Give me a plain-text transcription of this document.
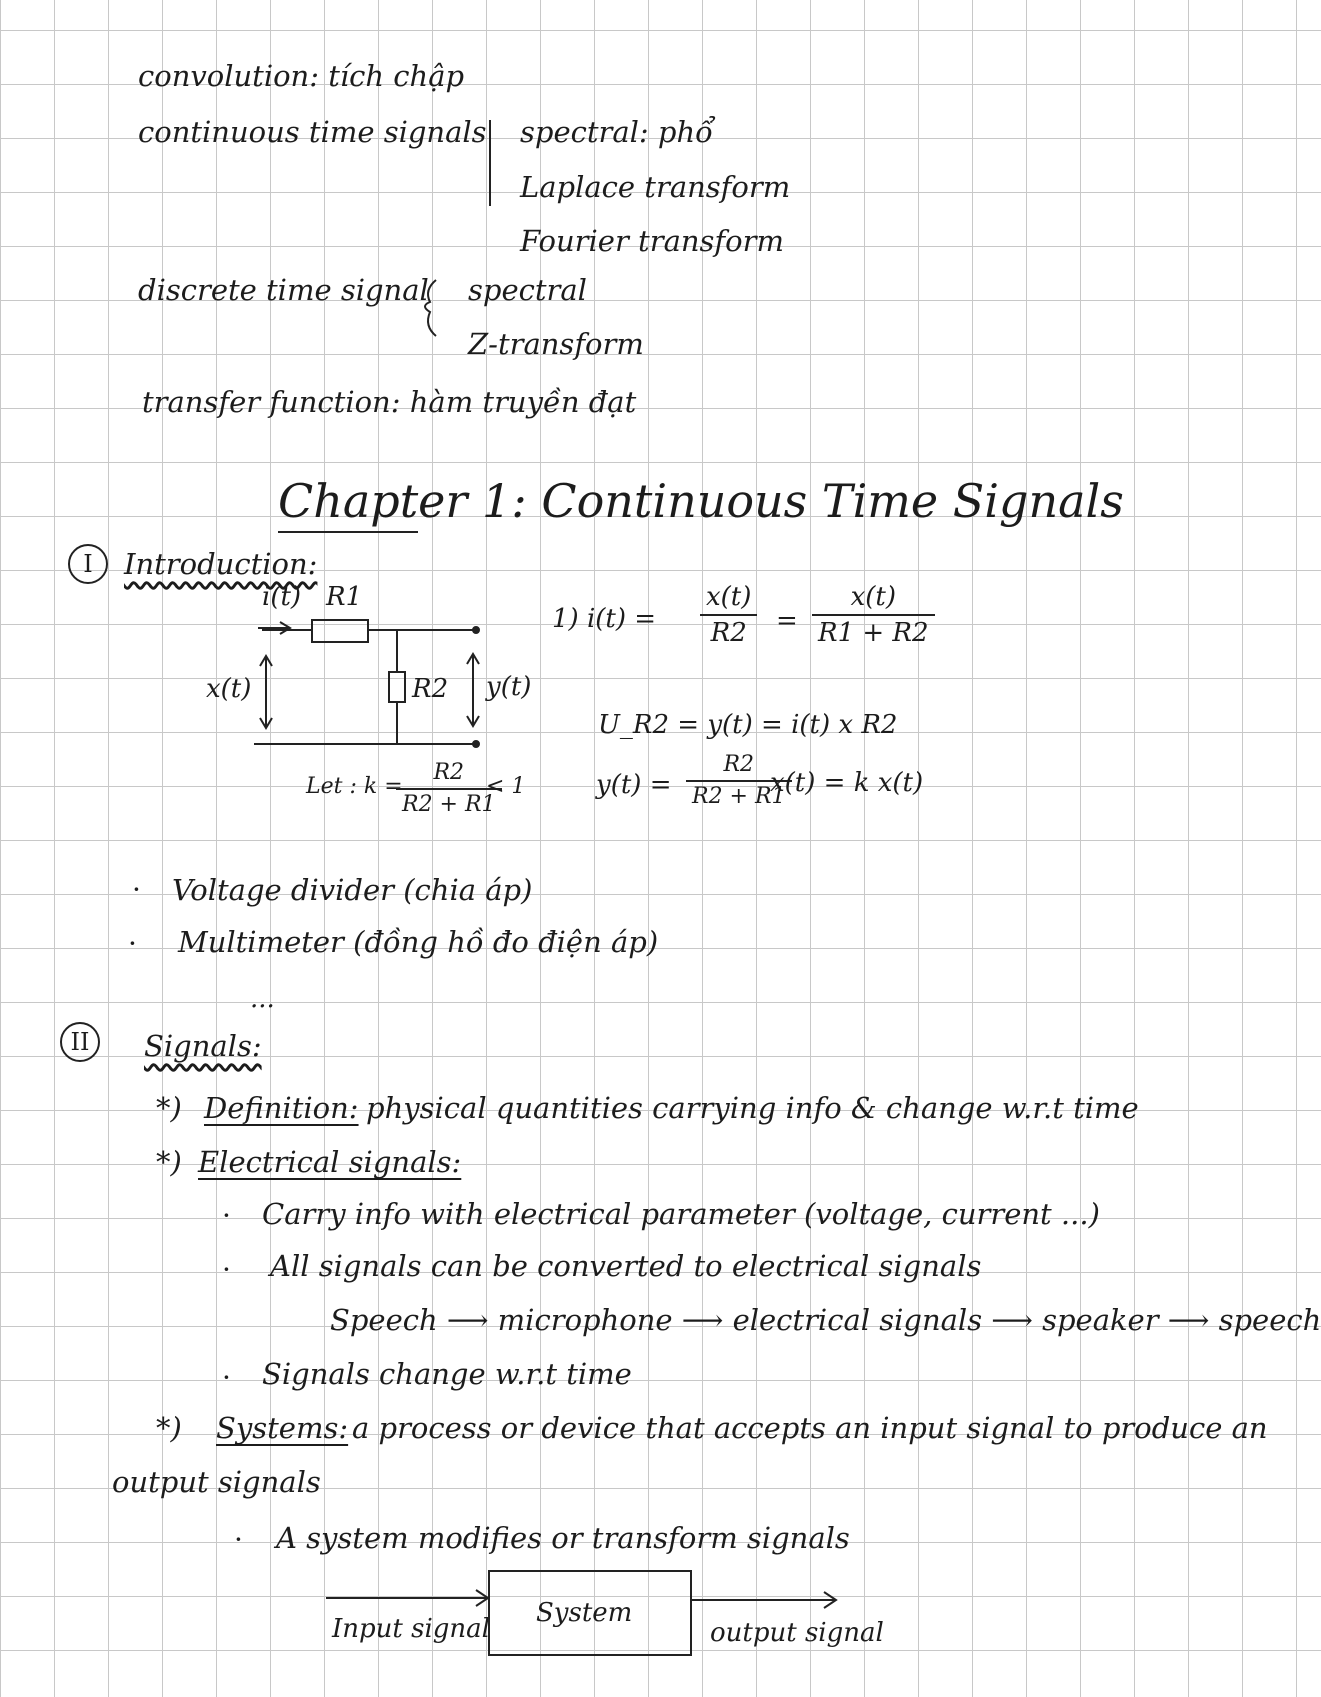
convolution: tích chập
continuous time signals spectral: phổ
Laplace transform
Fourier transform
discrete time signal spectral
Z-transform
transfer function: hàm truyền đạt
Chapter 1: Continuous Time Signals
I	Introduction:
i(t) R1
R2
x(t)	y(t)
Let : k =
$\frac{R2}{R2 + R1}$
< 1
1) $i(t) = \frac{x(t)}{R2} = \frac{x(t)}{R1 + R2}$
U_R2 = y(t) = i(t) x R2
$y(t) = \frac{R2}{R2 + R1}$
x(t) = k x(t)
· Voltage divider (chia áp)
· Multimeter (đồng hồ đo điện áp)
...
II	Signals:
*) Definition: physical quantities carrying info & change w.r.t time
*) Electrical signals:
· Carry info with electrical parameter (voltage, current ...)
· All signals can be converted to electrical signals
Speech ⟶ microphone ⟶ electrical signals ⟶ speaker ⟶ speech
· Signals change w.r.t time
*) Systems: a process or device that accepts an input signal to produce an
output signals
· A system modifies or transform signals
Input signal
System
output signal
